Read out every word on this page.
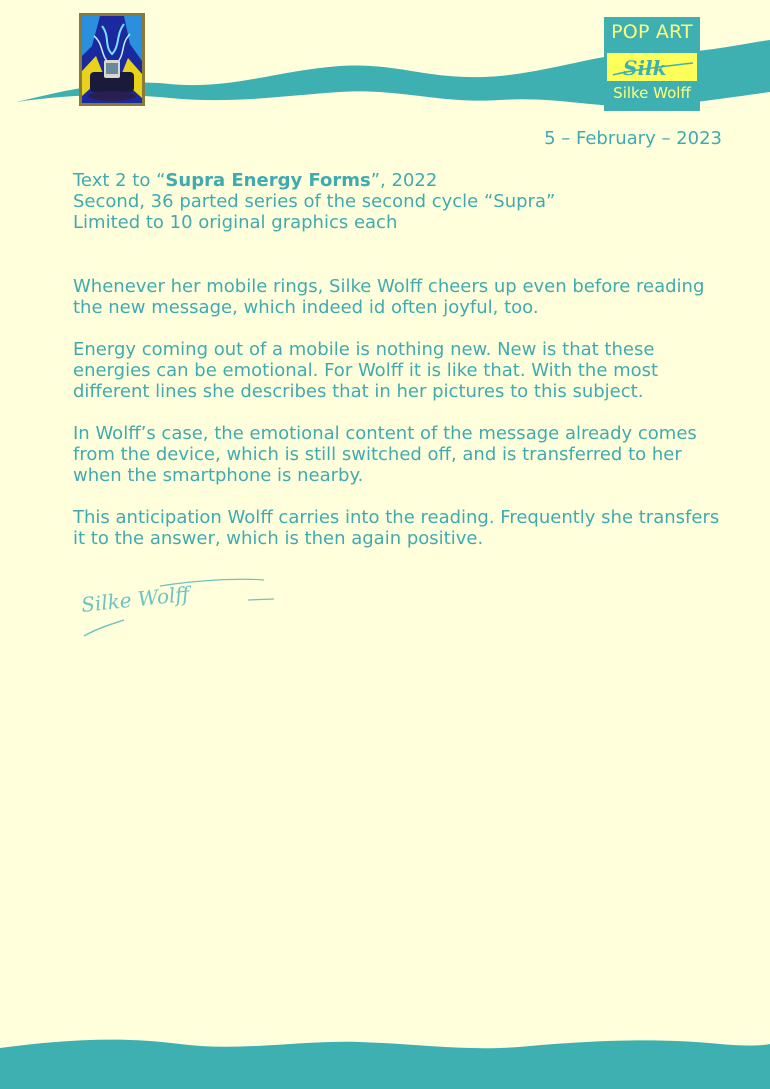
POP ART
Silk
Silke Wolff
5 – February – 2023
Text 2 to “Supra Energy Forms”, 2022
Second, 36 parted series of the second cycle “Supra”
Limited to 10 original graphics each

Whenever her mobile rings, Silke Wolff cheers up even before reading the new message, which indeed id often joyful, too.

Energy coming out of a mobile is nothing new. New is that these energies can be emotional. For Wolff it is like that. With the most different lines she describes that in her pictures to this subject.

In Wolff’s case, the emotional content of the message already comes from the device, which is still switched off, and is transferred to her when the smartphone is nearby.

This anticipation Wolff carries into the reading. Frequently she transfers it to the answer, which is then again positive.

Silke Wolff
